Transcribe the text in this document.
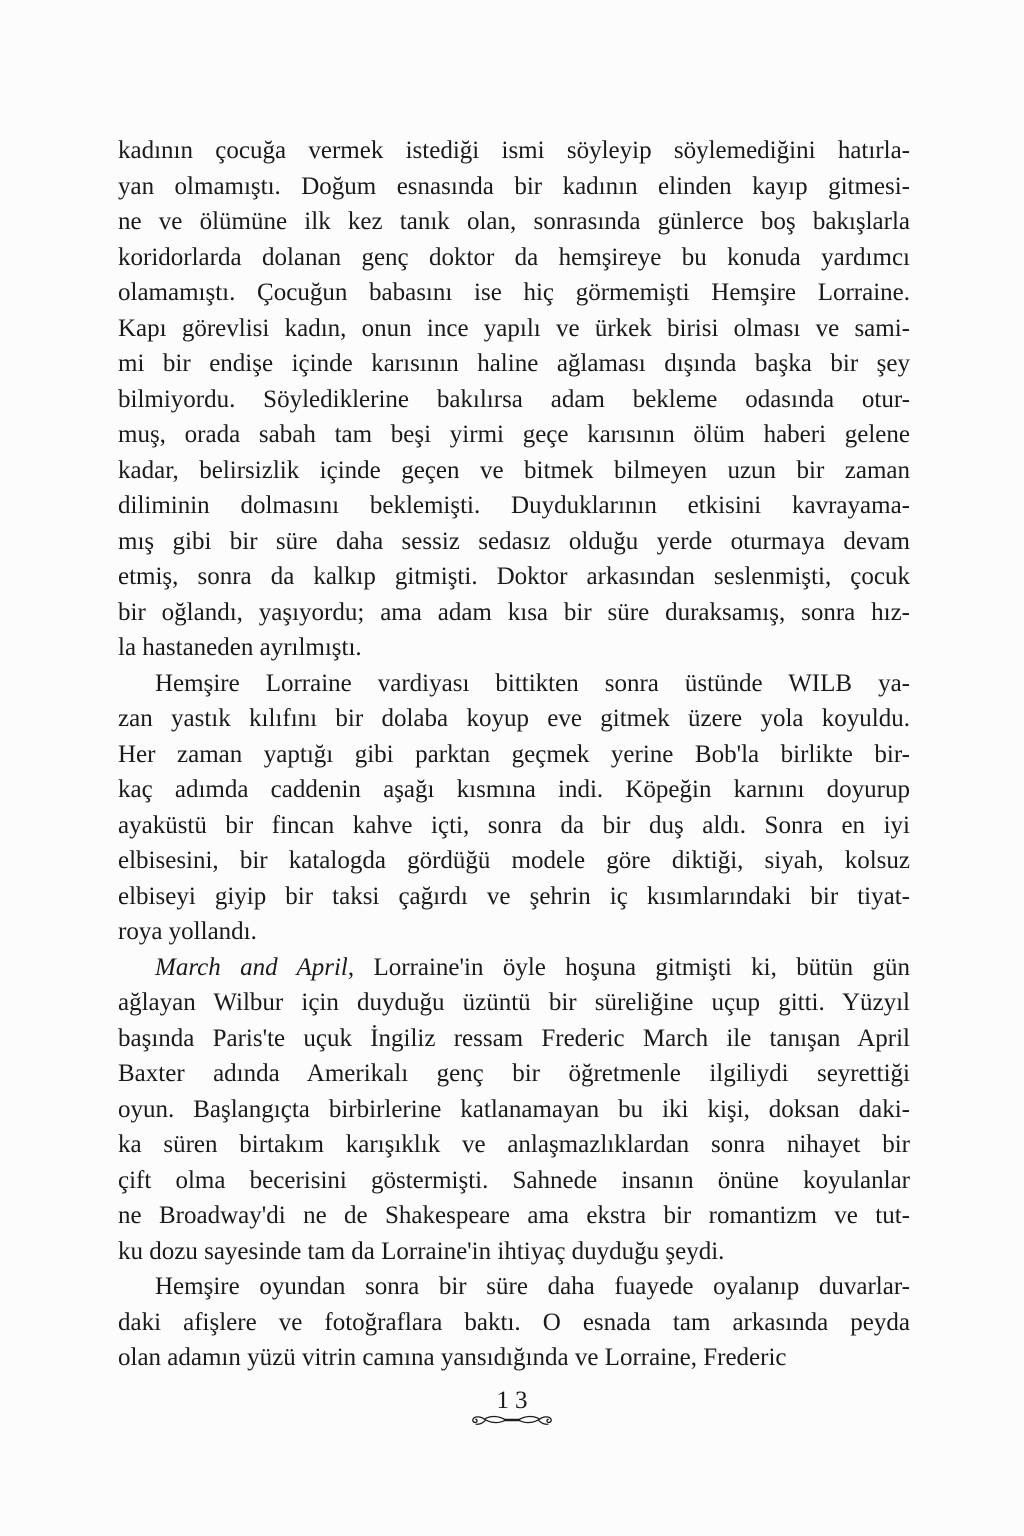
kadının çocuğa vermek istediği ismi söyleyip söylemediğini hatırla-
yan olmamıştı. Doğum esnasında bir kadının elinden kayıp gitmesi-
ne ve ölümüne ilk kez tanık olan, sonrasında günlerce boş bakışlarla
koridorlarda dolanan genç doktor da hemşireye bu konuda yardımcı
olamamıştı. Çocuğun babasını ise hiç görmemişti Hemşire Lorraine.
Kapı görevlisi kadın, onun ince yapılı ve ürkek birisi olması ve sami-
mi bir endişe içinde karısının haline ağlaması dışında başka bir şey
bilmiyordu. Söylediklerine bakılırsa adam bekleme odasında otur-
muş, orada sabah tam beşi yirmi geçe karısının ölüm haberi gelene
kadar, belirsizlik içinde geçen ve bitmek bilmeyen uzun bir zaman
diliminin dolmasını beklemişti. Duyduklarının etkisini kavrayama-
mış gibi bir süre daha sessiz sedasız olduğu yerde oturmaya devam
etmiş, sonra da kalkıp gitmişti. Doktor arkasından seslenmişti, çocuk
bir oğlandı, yaşıyordu; ama adam kısa bir süre duraksamış, sonra hız-
la hastaneden ayrılmıştı.
Hemşire Lorraine vardiyası bittikten sonra üstünde WILB ya-
zan yastık kılıfını bir dolaba koyup eve gitmek üzere yola koyuldu.
Her zaman yaptığı gibi parktan geçmek yerine Bob'la birlikte bir-
kaç adımda caddenin aşağı kısmına indi. Köpeğin karnını doyurup
ayaküstü bir fincan kahve içti, sonra da bir duş aldı. Sonra en iyi
elbisesini, bir katalogda gördüğü modele göre diktiği, siyah, kolsuz
elbiseyi giyip bir taksi çağırdı ve şehrin iç kısımlarındaki bir tiyat-
roya yollandı.
March and April, Lorraine'in öyle hoşuna gitmişti ki, bütün gün
ağlayan Wilbur için duyduğu üzüntü bir süreliğine uçup gitti. Yüzyıl
başında Paris'te uçuk İngiliz ressam Frederic March ile tanışan April
Baxter adında Amerikalı genç bir öğretmenle ilgiliydi seyrettiği
oyun. Başlangıçta birbirlerine katlanamayan bu iki kişi, doksan daki-
ka süren birtakım karışıklık ve anlaşmazlıklardan sonra nihayet bir
çift olma becerisini göstermişti. Sahnede insanın önüne koyulanlar
ne Broadway'di ne de Shakespeare ama ekstra bir romantizm ve tut-
ku dozu sayesinde tam da Lorraine'in ihtiyaç duyduğu şeydi.
Hemşire oyundan sonra bir süre daha fuayede oyalanıp duvarlar-
daki afişlere ve fotoğraflara baktı. O esnada tam arkasında peyda
olan adamın yüzü vitrin camına yansıdığında ve Lorraine, Frederic
13
